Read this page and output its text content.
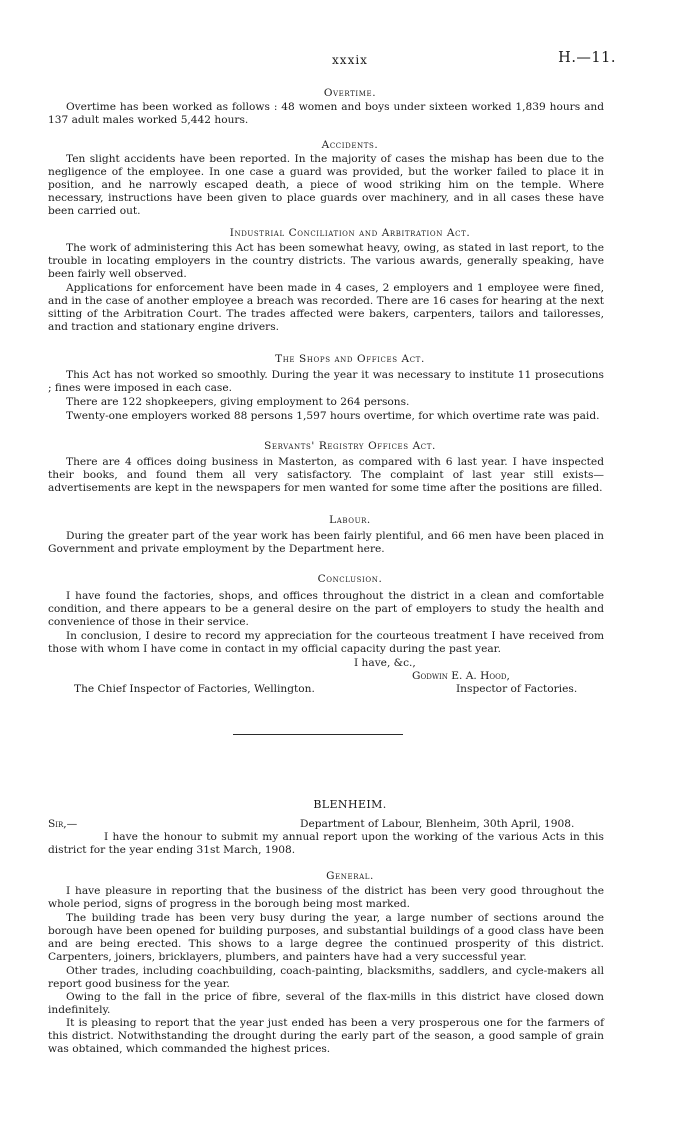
xxxix	H.—11.
Overtime.

Overtime has been worked as follows : 48 women and boys under sixteen worked 1,839 hours and 137 adult males worked 5,442 hours.

Accidents.

Ten slight accidents have been reported. In the majority of cases the mishap has been due to the negligence of the employee. In one case a guard was provided, but the worker failed to place it in position, and he narrowly escaped death, a piece of wood striking him on the temple. Where necessary, instructions have been given to place guards over machinery, and in all cases these have been carried out.

Industrial Conciliation and Arbitration Act.

The work of administering this Act has been somewhat heavy, owing, as stated in last report, to the trouble in locating employers in the country districts. The various awards, generally speaking, have been fairly well observed.

Applications for enforcement have been made in 4 cases, 2 employers and 1 employee were fined, and in the case of another employee a breach was recorded. There are 16 cases for hearing at the next sitting of the Arbitration Court. The trades affected were bakers, carpenters, tailors and tailoresses, and traction and stationary engine drivers.

The Shops and Offices Act.

This Act has not worked so smoothly. During the year it was necessary to institute 11 prosecutions ; fines were imposed in each case.

There are 122 shopkeepers, giving employment to 264 persons.

Twenty-one employers worked 88 persons 1,597 hours overtime, for which overtime rate was paid.

Servants' Registry Offices Act.

There are 4 offices doing business in Masterton, as compared with 6 last year. I have inspected their books, and found them all very satisfactory. The complaint of last year still exists—advertisements are kept in the newspapers for men wanted for some time after the positions are filled.

Labour.

During the greater part of the year work has been fairly plentiful, and 66 men have been placed in Government and private employment by the Department here.

Conclusion.

I have found the factories, shops, and offices throughout the district in a clean and comfortable condition, and there appears to be a general desire on the part of employers to study the health and convenience of those in their service.

In conclusion, I desire to record my appreciation for the courteous treatment I have received from those with whom I have come in contact in my official capacity during the past year.

I have, &c.,
Godwin E. A. Hood,
Inspector of Factories.
The Chief Inspector of Factories, Wellington.
BLENHEIM.
Sir,—	Department of Labour, Blenheim, 30th April, 1908.

I have the honour to submit my annual report upon the working of the various Acts in this district for the year ending 31st March, 1908.

General.

I have pleasure in reporting that the business of the district has been very good throughout the whole period, signs of progress in the borough being most marked.

The building trade has been very busy during the year, a large number of sections around the borough have been opened for building purposes, and substantial buildings of a good class have been and are being erected. This shows to a large degree the continued prosperity of this district. Carpenters, joiners, bricklayers, plumbers, and painters have had a very successful year.

Other trades, including coachbuilding, coach-painting, blacksmiths, saddlers, and cycle-makers all report good business for the year.

Owing to the fall in the price of fibre, several of the flax-mills in this district have closed down indefinitely.

It is pleasing to report that the year just ended has been a very prosperous one for the farmers of this district. Notwithstanding the drought during the early part of the season, a good sample of grain was obtained, which commanded the highest prices.
